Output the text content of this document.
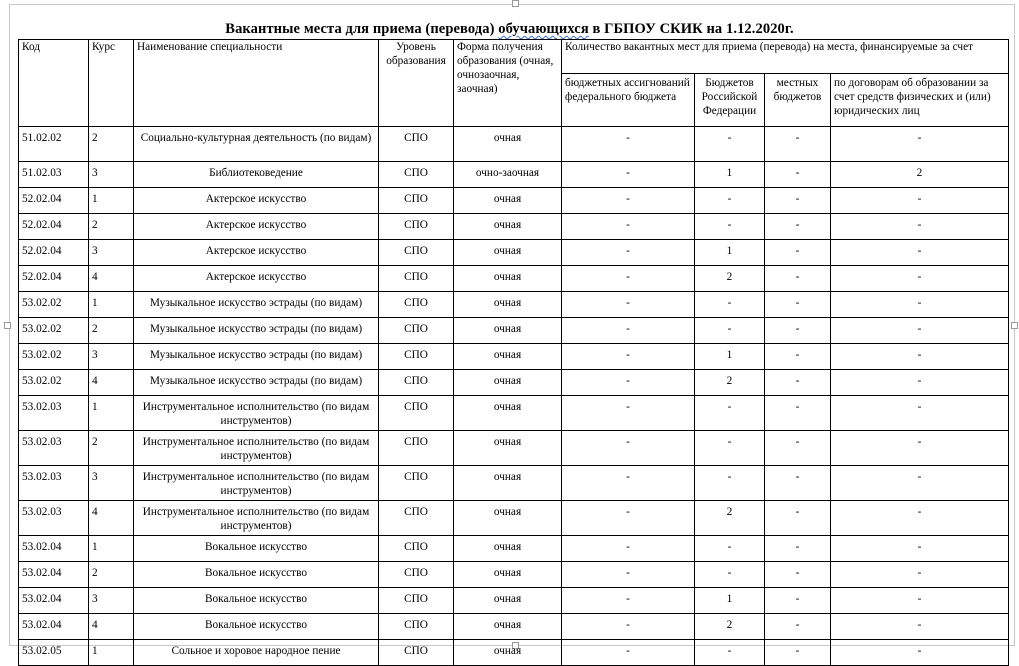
Вакантные места для приема (перевода) обучающихся в ГБПОУ СКИК на 1.12.2020г.
Код	Курс	Наименование специальности	Уровень образования	Форма получения образования (очная, очнозаочная, заочная)	Количество вакантных мест для приема (перевода) на места, финансируемые за счет			
					бюджетных ассигнований федерального бюджета	Бюджетов Российской Федерации	местных бюджетов	по договорам об образовании за счет средств физических и (или) юридических лиц
51.02.02	2	Социально-культурная деятельность (по видам)	СПО	очная	-	-	-	-
51.02.03	3	Библиотековедение	СПО	очно-заочная	-	1	-	2
52.02.04	1	Актерское искусство	СПО	очная	-	-	-	-
52.02.04	2	Актерское искусство	СПО	очная	-	-	-	-
52.02.04	3	Актерское искусство	СПО	очная	-	1	-	-
52.02.04	4	Актерское искусство	СПО	очная	-	2	-	-
53.02.02	1	Музыкальное искусство эстрады (по видам)	СПО	очная	-	-	-	-
53.02.02	2	Музыкальное искусство эстрады (по видам)	СПО	очная	-	-	-	-
53.02.02	3	Музыкальное искусство эстрады (по видам)	СПО	очная	-	1	-	-
53.02.02	4	Музыкальное искусство эстрады (по видам)	СПО	очная	-	2	-	-
53.02.03	1	Инструментальное исполнительство (по видам инструментов)	СПО	очная	-	-	-	-
53.02.03	2	Инструментальное исполнительство (по видам инструментов)	СПО	очная	-	-	-	-
53.02.03	3	Инструментальное исполнительство (по видам инструментов)	СПО	очная	-	-	-	-
53.02.03	4	Инструментальное исполнительство (по видам инструментов)	СПО	очная	-	2	-	-
53.02.04	1	Вокальное искусство	СПО	очная	-	-	-	-
53.02.04	2	Вокальное искусство	СПО	очная	-	-	-	-
53.02.04	3	Вокальное искусство	СПО	очная	-	1	-	-
53.02.04	4	Вокальное искусство	СПО	очная	-	2	-	-
53.02.05	1	Сольное и хоровое народное пение	СПО	очная	-	-	-	-
